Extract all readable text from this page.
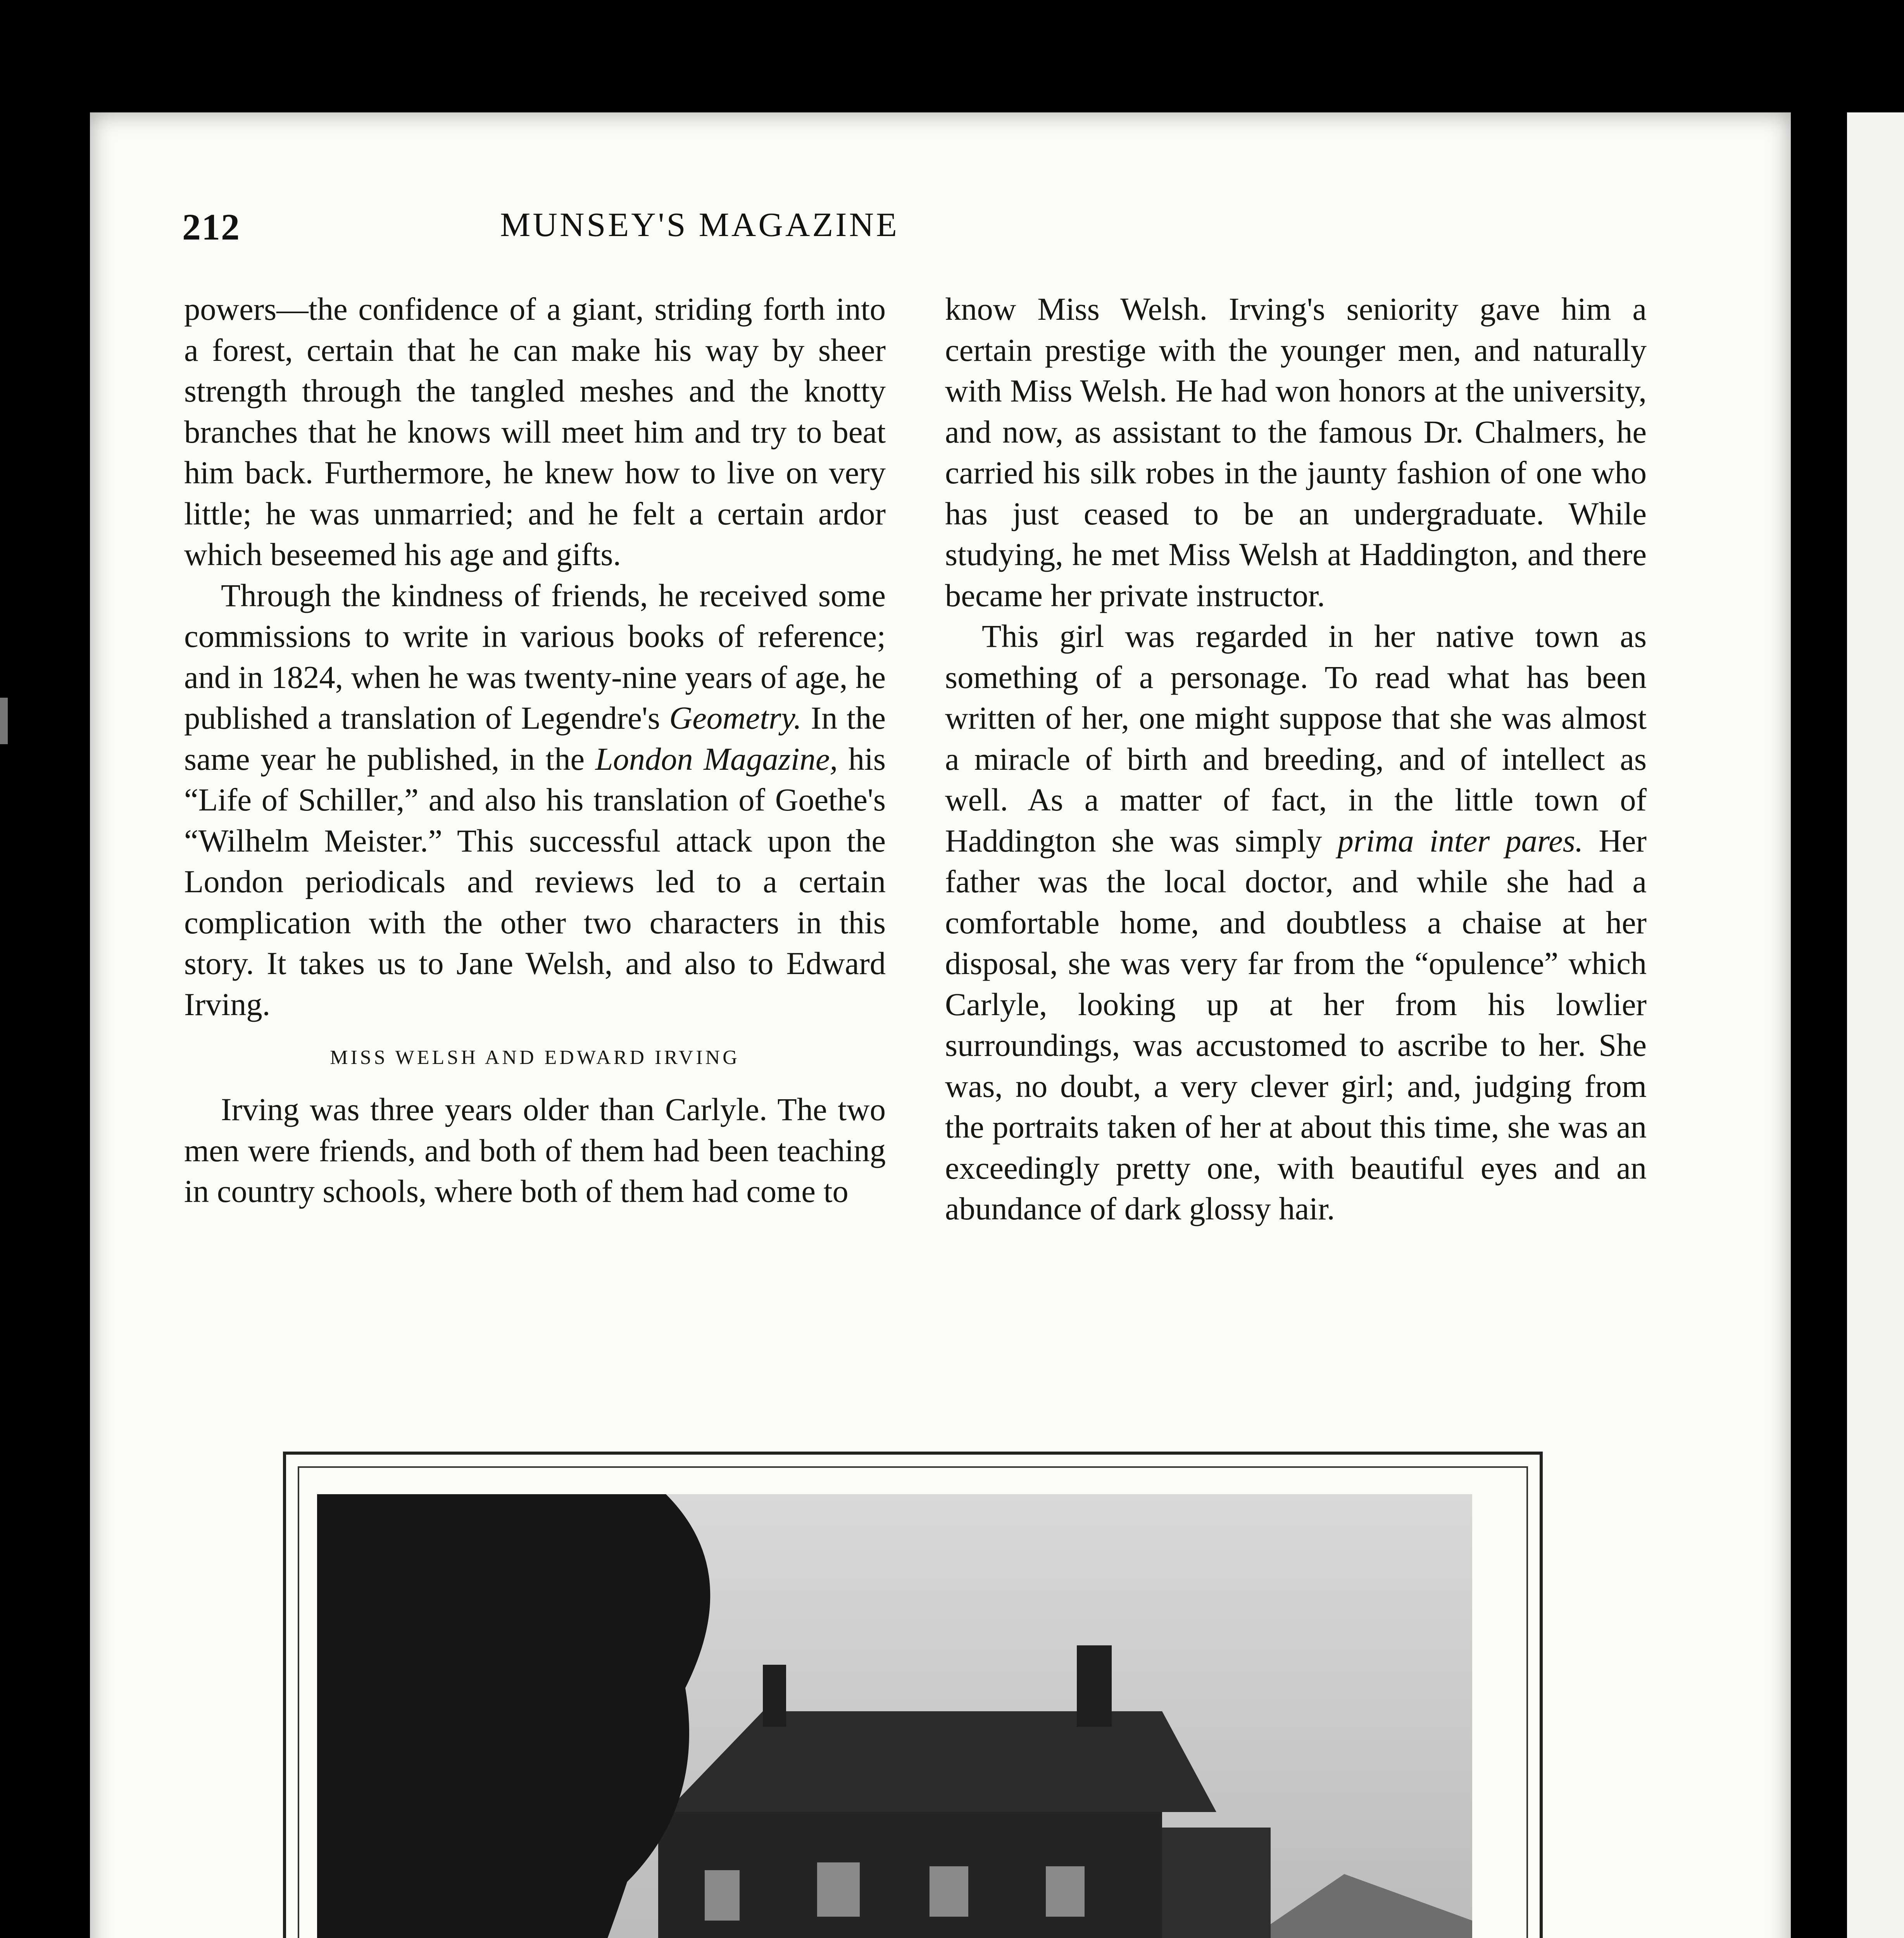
212	MUNSEY'S MAGAZINE

powers—the confidence of a giant, striding forth into a forest, certain that he can make his way by sheer strength through the tangled meshes and the knotty branches that he knows will meet him and try to beat him back. Furthermore, he knew how to live on very little; he was unmarried; and he felt a certain ardor which beseemed his age and gifts.

Through the kindness of friends, he received some commissions to write in various books of reference; and in 1824, when he was twenty-nine years of age, he published a translation of Legendre's Geometry. In the same year he published, in the London Magazine, his “Life of Schiller,” and also his translation of Goethe's “Wilhelm Meister.” This successful attack upon the London periodicals and reviews led to a certain complication with the other two characters in this story. It takes us to Jane Welsh, and also to Edward Irving.

MISS WELSH AND EDWARD IRVING

Irving was three years older than Carlyle. The two men were friends, and both of them had been teaching in country schools, where both of them had come to

know Miss Welsh. Irving's seniority gave him a certain prestige with the younger men, and naturally with Miss Welsh. He had won honors at the university, and now, as assistant to the famous Dr. Chalmers, he carried his silk robes in the jaunty fashion of one who has just ceased to be an undergraduate. While studying, he met Miss Welsh at Haddington, and there became her private instructor.

This girl was regarded in her native town as something of a personage. To read what has been written of her, one might suppose that she was almost a miracle of birth and breeding, and of intellect as well. As a matter of fact, in the little town of Haddington she was simply prima inter pares. Her father was the local doctor, and while she had a comfortable home, and doubtless a chaise at her disposal, she was very far from the “opulence” which Carlyle, looking up at her from his lowlier surroundings, was accustomed to ascribe to her. She was, no doubt, a very clever girl; and, judging from the portraits taken of her at about this time, she was an exceedingly pretty one, with beautiful eyes and an abundance of dark glossy hair.
